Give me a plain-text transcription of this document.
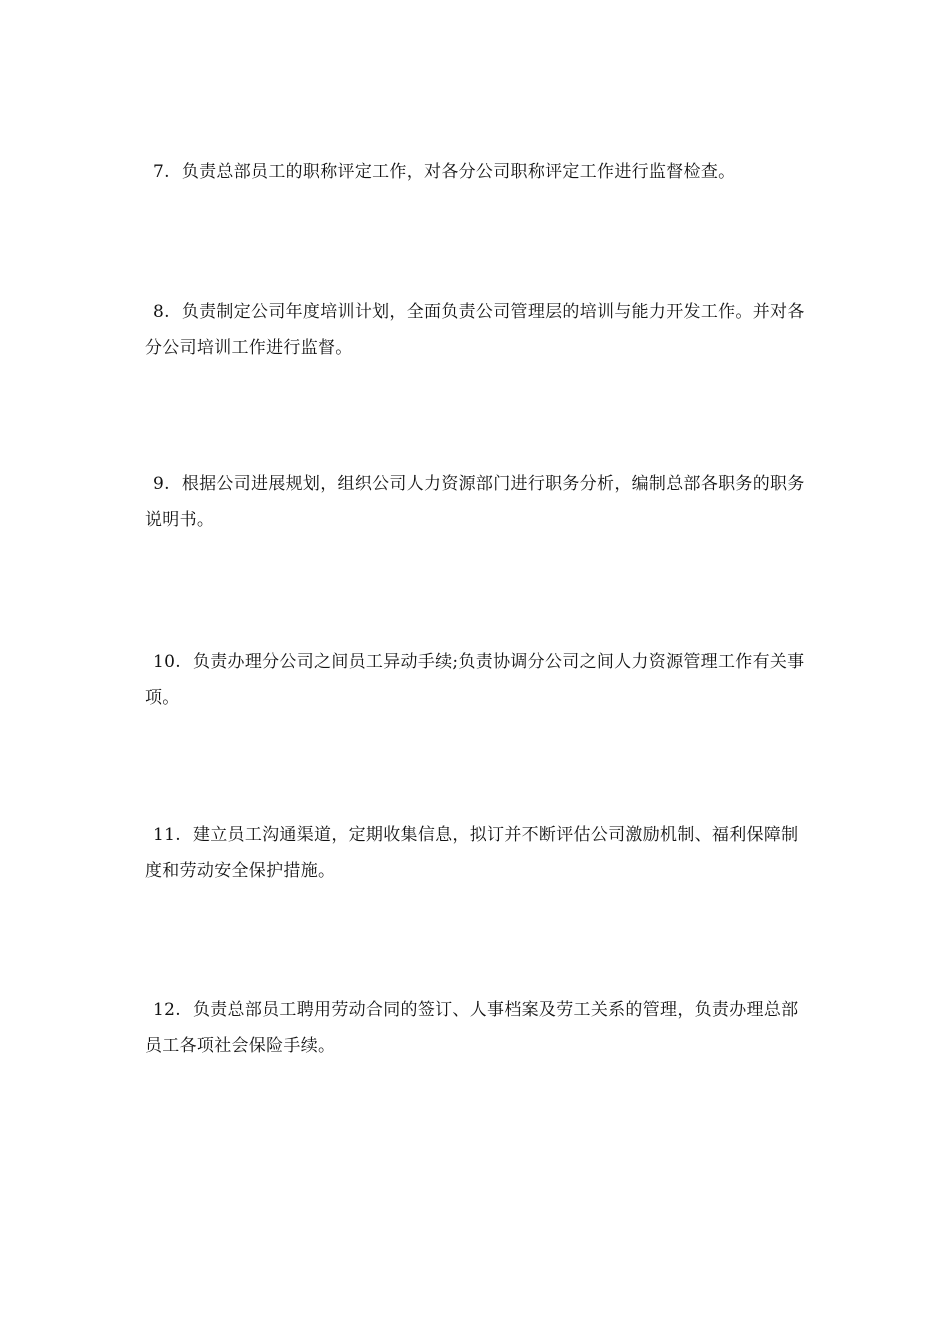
7. 负责总部员工的职称评定工作，对各分公司职称评定工作进行监督检查。

8. 负责制定公司年度培训计划，全面负责公司管理层的培训与能力开发工作。并对各分公司培训工作进行监督。

9. 根据公司进展规划，组织公司人力资源部门进行职务分析，编制总部各职务的职务说明书。

10. 负责办理分公司之间员工异动手续;负责协调分公司之间人力资源管理工作有关事项。

11. 建立员工沟通渠道，定期收集信息，拟订并不断评估公司激励机制、福利保障制度和劳动安全保护措施。

12. 负责总部员工聘用劳动合同的签订、人事档案及劳工关系的管理，负责办理总部员工各项社会保险手续。
